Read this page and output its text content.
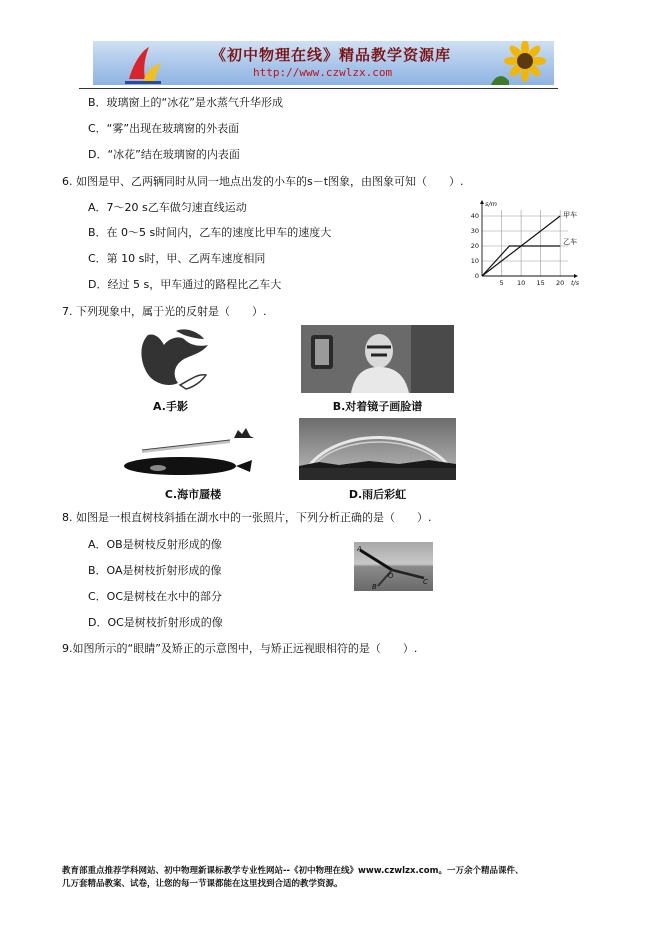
《初中物理在线》精品教学资源库
http://www.czwlzx.com
B．玻璃窗上的“冰花”是水蒸气升华形成
C．“雾”出现在玻璃窗的外表面
D．“冰花”结在玻璃窗的内表面
6. 如图是甲、乙两辆同时从同一地点出发的小车的s－t图象，由图象可知（　　）.
A．7～20 s乙车做匀速直线运动
B．在 0～5 s时间内，乙车的速度比甲车的速度大
C．第 10 s时，甲、乙两车速度相同
D．经过 5 s，甲车通过的路程比乙车大	5 10 15 20
0
10
20
30
40
s/m
t/s
甲车
乙车
7. 下列现象中，属于光的反射是（　　）.
A.手影	B.对着镜子画脸谱
C.海市蜃楼	D.雨后彩虹
8. 如图是一根直树枝斜插在湖水中的一张照片，下列分析正确的是（　　）.
A．OB是树枝反射形成的像
B．OA是树枝折射形成的像
C．OC是树枝在水中的部分
D．OC是树枝折射形成的像
A
O
C
B
9.如图所示的“眼睛”及矫正的示意图中，与矫正远视眼相符的是（　　）.
教育部重点推荐学科网站、初中物理新课标教学专业性网站--《初中物理在线》www.czwlzx.com。一万余个精品课件、
几万套精品教案、试卷，让您的每一节课都能在这里找到合适的教学资源。
